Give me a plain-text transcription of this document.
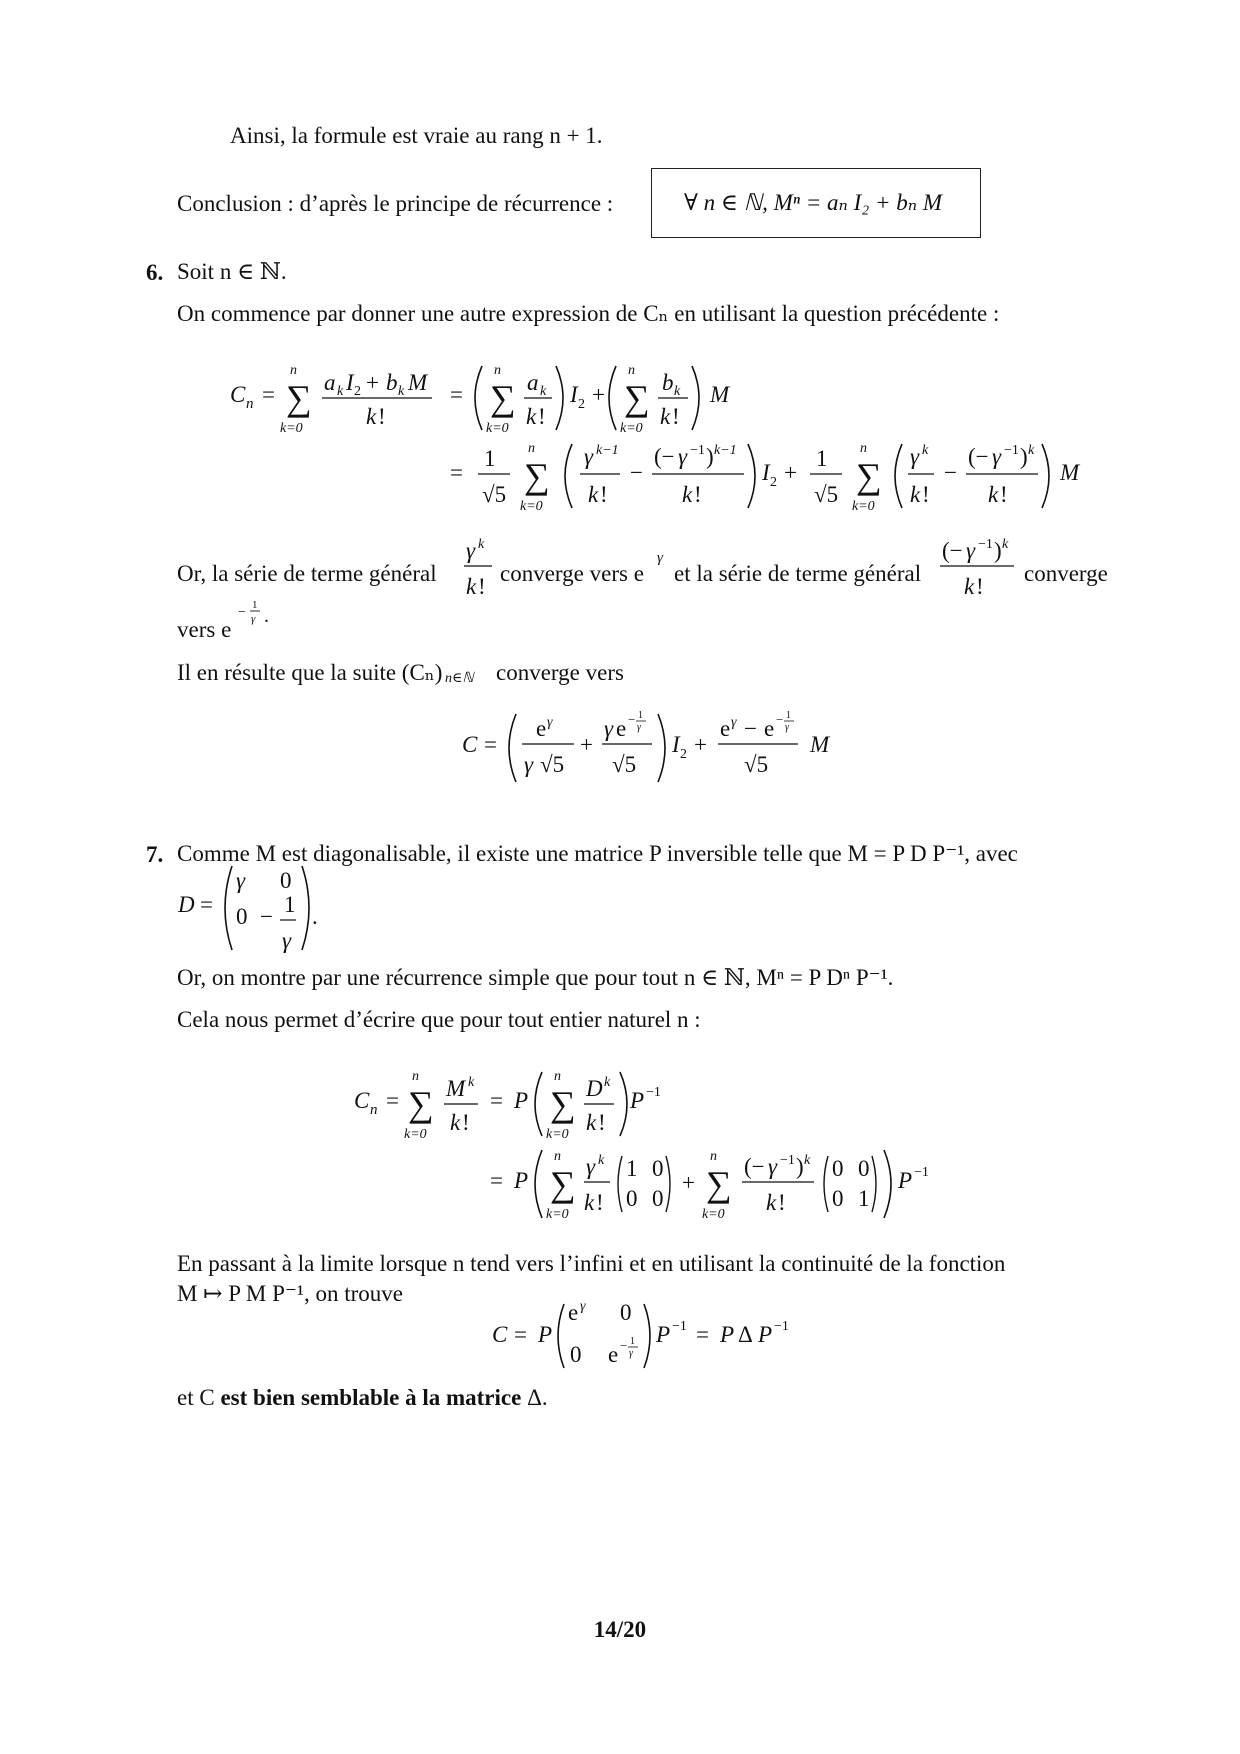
Ainsi, la formule est vraie au rang n + 1.
Conclusion : d’après le principe de récurrence :	∀ n ∈ ℕ, Mⁿ = aₙ I₂ + bₙ M
6. Soit n ∈ ℕ.
On commence par donner une autre expression de Cₙ en utilisant la question précédente :
C n =
n
∑
k=0
a k I 2 + b k M
k !
=
n
∑
k=0
a k
k !
I 2 +
n
∑
k=0
b k
k !
M
=
1
√5
n
∑
k=0
γ k−1
k !
−
(− γ −1 ) k−1
k !
I 2 +
1
√5
n
∑
k=0
γ k
k !
−
(− γ −1 ) k
k !
M
Or, la série de terme général
γ k
k !
converge vers e
γ
et la série de terme général
(− γ −1 ) k
k !
converge
vers e
− 1
γ .
Il en résulte que la suite (Cₙ) n∈ℕ converge vers
C =
e γ
γ √5
+
γ e − 1
γ
√5
I 2 +
e γ − e − 1
γ
√5
M
7. Comme M est diagonalisable, il existe une matrice P inversible telle que M = P D P⁻¹, avec
D =
γ 0
0 − 1
γ
.
Or, on montre par une récurrence simple que pour tout n ∈ ℕ, Mⁿ = P Dⁿ P⁻¹.
Cela nous permet d’écrire que pour tout entier naturel n :
C n =
n
∑
k=0
M k
k !
= P
n
∑
k=0
D k
k !
P −1
= P
n
∑
k=0
γ k
k !
1 0
0 0
+
n
∑
k=0
(− γ −1 ) k
k !
0 0
0 1
P −1
En passant à la limite lorsque n tend vers l’infini et en utilisant la continuité de la fonction
M ↦ P M P⁻¹, on trouve
C = P
e γ 0
0 e − 1
γ
P −1 = P Δ P −1
et C est bien semblable à la matrice Δ.
14/20
